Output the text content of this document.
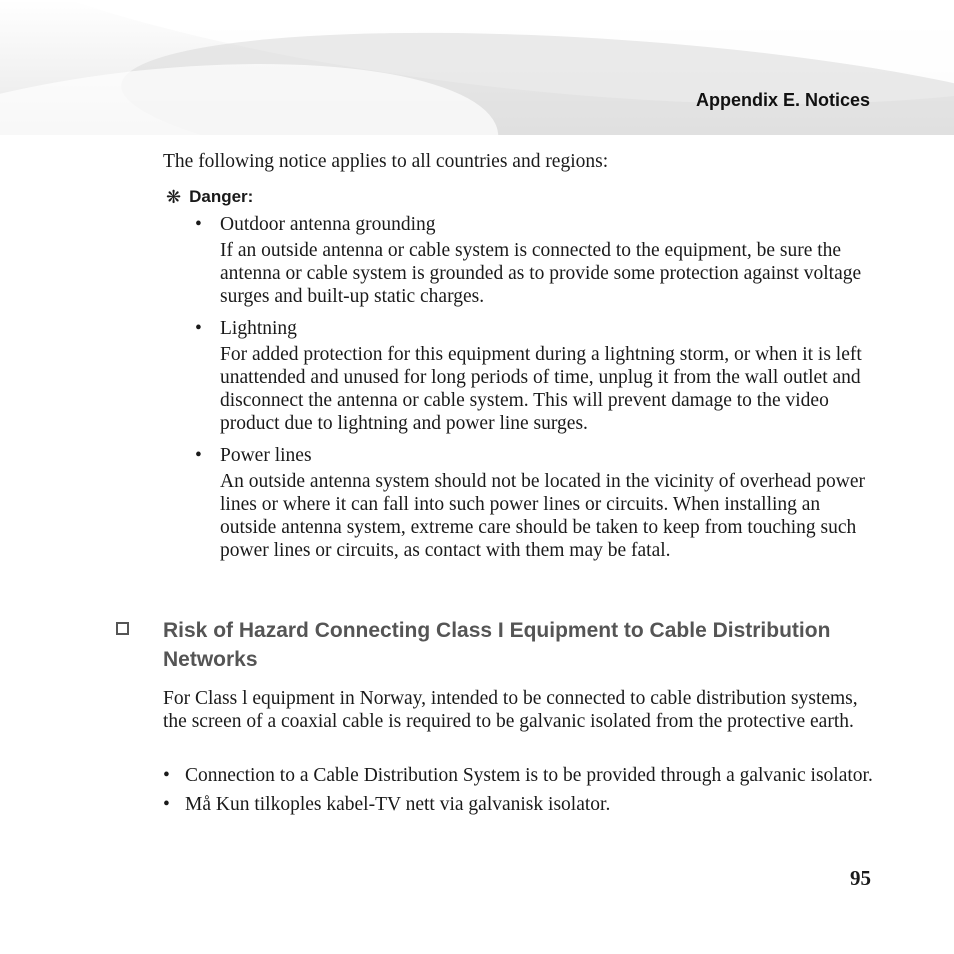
Appendix E. Notices
The following notice applies to all countries and regions:
❋ Danger:
• Outdoor antenna grounding
If an outside antenna or cable system is connected to the equipment, be sure the antenna or cable system is grounded as to provide some protection against voltage surges and built-up static charges.
• Lightning
For added protection for this equipment during a lightning storm, or when it is left unattended and unused for long periods of time, unplug it from the wall outlet and disconnect the antenna or cable system. This will prevent damage to the video product due to lightning and power line surges.
• Power lines
An outside antenna system should not be located in the vicinity of overhead power lines or where it can fall into such power lines or circuits. When installing an outside antenna system, extreme care should be taken to keep from touching such power lines or circuits, as contact with them may be fatal.
Risk of Hazard Connecting Class I Equipment to Cable Distribution Networks
For Class l equipment in Norway, intended to be connected to cable distribution systems, the screen of a coaxial cable is required to be galvanic isolated from the protective earth.
• Connection to a Cable Distribution System is to be provided through a galvanic isolator.
• Må Kun tilkoples kabel-TV nett via galvanisk isolator.
95
